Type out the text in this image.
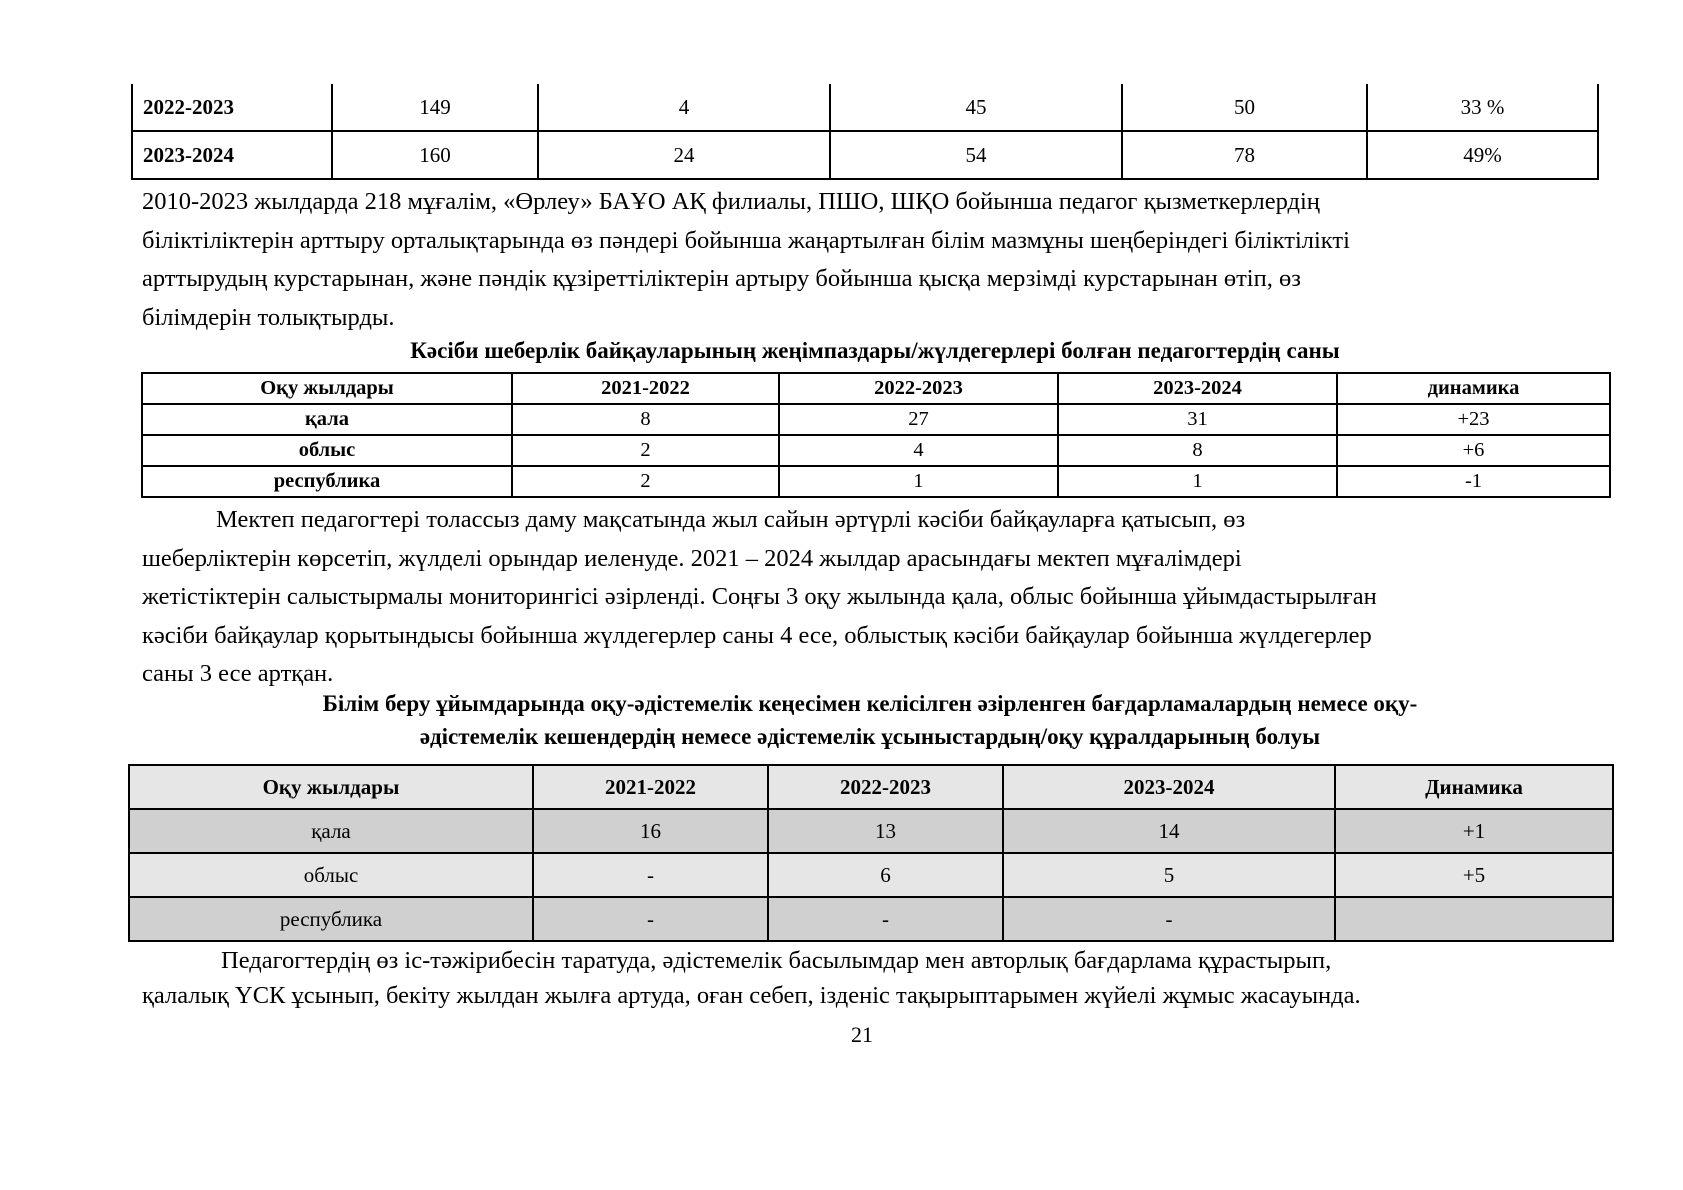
2022-2023	149	4	45	50	33 %
2023-2024	160	24	54	78	49%
2010-2023 жылдарда 218 мұғалім, «Өрлеу» БАҰО АҚ филиалы, ПШО, ШҚО бойынша педагог қызметкерлердің
біліктіліктерін арттыру орталықтарында өз пәндері бойынша жаңартылған білім мазмұны шеңберіндегі біліктілікті
арттырудың курстарынан, және пәндік құзіреттіліктерін артыру бойынша қысқа мерзімді курстарынан өтіп, өз
білімдерін толықтырды.
Кәсіби шеберлік байқауларының жеңімпаздары/жүлдегерлері болған педагогтердің саны
Оқу жылдары	2021-2022	2022-2023	2023-2024	динамика
қала	8	27	31	+23
облыс	2	4	8	+6
республика	2	1	1	-1
Мектеп педагогтері толассыз даму мақсатында жыл сайын әртүрлі кәсіби байқауларға қатысып, өз
шеберліктерін көрсетіп, жүлделі орындар иеленуде. 2021 – 2024 жылдар арасындағы мектеп мұғалімдері
жетістіктерін салыстырмалы мониторингісі әзірленді. Соңғы 3 оқу жылында қала, облыс бойынша ұйымдастырылған
кәсіби байқаулар қорытындысы бойынша жүлдегерлер саны 4 есе, облыстық кәсіби байқаулар бойынша жүлдегерлер
саны 3 есе артқан.
Білім беру ұйымдарында оқу-әдістемелік кеңесімен келісілген әзірленген бағдарламалардың немесе оқу-
әдістемелік кешендердің немесе әдістемелік ұсыныстардың/оқу құралдарының болуы
Оқу жылдары	2021-2022	2022-2023	2023-2024	Динамика
қала	16	13	14	+1
облыс	-	6	5	+5
республика	-	-	-	
Педагогтердің өз іс-тәжірибесін таратуда, әдістемелік басылымдар мен авторлық бағдарлама құрастырып,
қалалық ҮСК ұсынып, бекіту жылдан жылға артуда, оған себеп, ізденіс тақырыптарымен жүйелі жұмыс жасауында.
21
